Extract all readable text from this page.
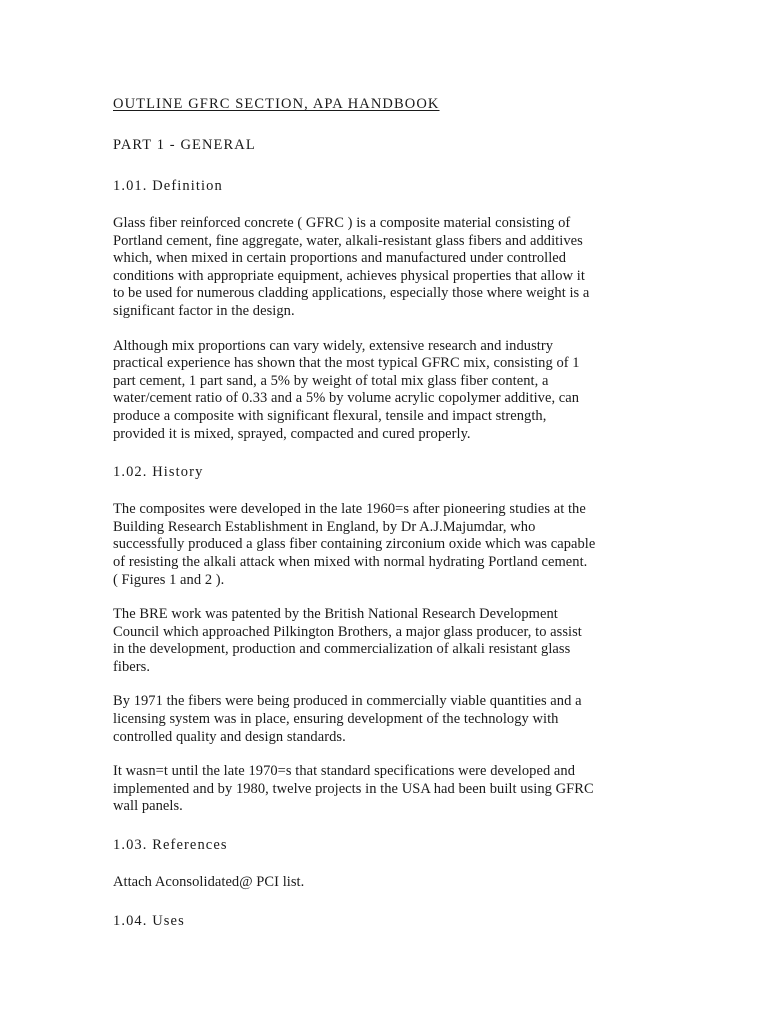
OUTLINE GFRC SECTION, APA HANDBOOK
PART 1 - GENERAL
1.01. Definition

Glass fiber reinforced concrete ( GFRC ) is a composite material consisting of
Portland cement, fine aggregate, water, alkali-resistant glass fibers and additives
which, when mixed in certain proportions and manufactured under controlled
conditions with appropriate equipment, achieves physical properties that allow it
to be used for numerous cladding applications, especially those where weight is a
significant factor in the design.

Although mix proportions can vary widely, extensive research and industry
practical experience has shown that the most typical GFRC mix, consisting of 1
part cement, 1 part sand, a 5% by weight of total mix glass fiber content, a
water/cement ratio of 0.33 and a 5% by volume acrylic copolymer additive, can
produce a composite with significant flexural, tensile and impact strength,
provided it is mixed, sprayed, compacted and cured properly.

1.02. History

The composites were developed in the late 1960=s after pioneering studies at the
Building Research Establishment in England, by Dr A.J.Majumdar, who
successfully produced a glass fiber containing zirconium oxide which was capable
of resisting the alkali attack when mixed with normal hydrating Portland cement.
( Figures 1 and 2 ).

The BRE work was patented by the British National Research Development
Council which approached Pilkington Brothers, a major glass producer, to assist
in the development, production and commercialization of alkali resistant glass
fibers.

By 1971 the fibers were being produced in commercially viable quantities and a
licensing system was in place, ensuring development of the technology with
controlled quality and design standards.

It wasn=t until the late 1970=s that standard specifications were developed and
implemented and by 1980, twelve projects in the USA had been built using GFRC
wall panels.

1.03. References

Attach Aconsolidated@ PCI list.

1.04. Uses
